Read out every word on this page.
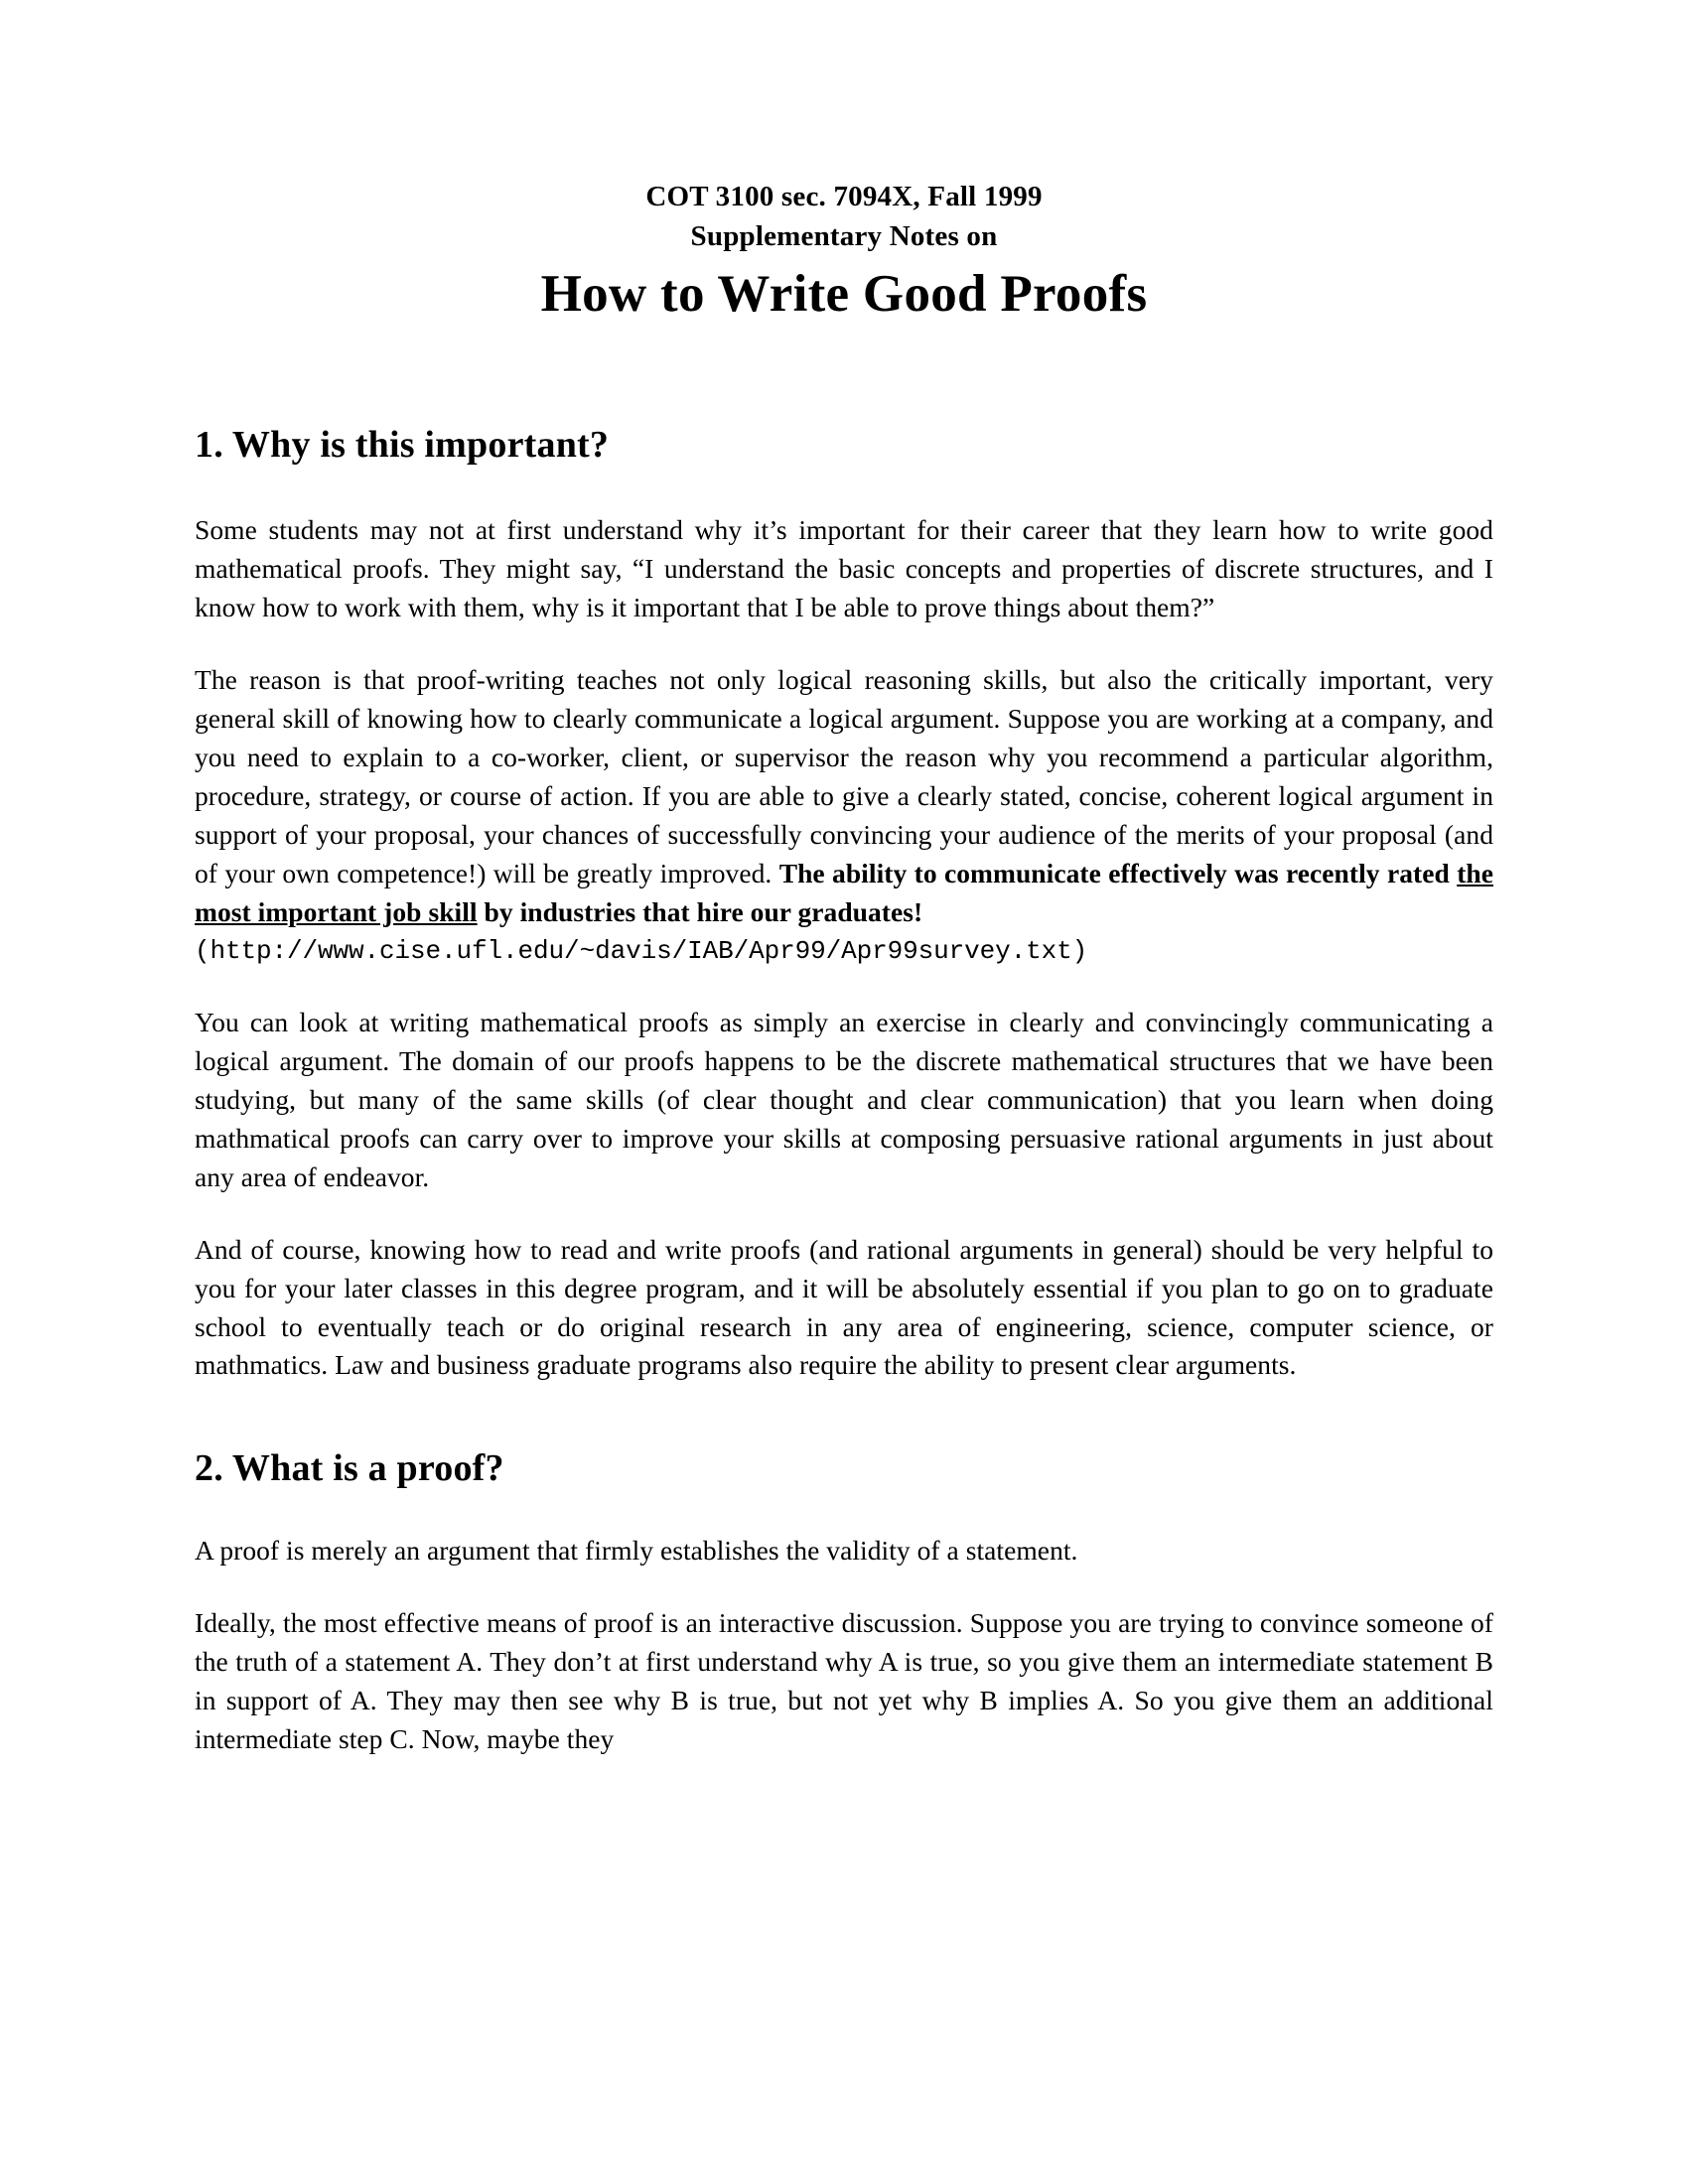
COT 3100 sec. 7094X, Fall 1999
Supplementary Notes on
How to Write Good Proofs
1. Why is this important?

Some students may not at first understand why it’s important for their career that they learn how to write good mathematical proofs. They might say, “I understand the basic concepts and properties of discrete structures, and I know how to work with them, why is it important that I be able to prove things about them?”

The reason is that proof-writing teaches not only logical reasoning skills, but also the critically important, very general skill of knowing how to clearly communicate a logical argument. Suppose you are working at a company, and you need to explain to a co-worker, client, or supervisor the reason why you recommend a particular algorithm, procedure, strategy, or course of action. If you are able to give a clearly stated, concise, coherent logical argument in support of your proposal, your chances of successfully convincing your audience of the merits of your proposal (and of your own competence!) will be greatly improved. The ability to communicate effectively was recently rated the most important job skill by industries that hire our graduates!
(http://www.cise.ufl.edu/~davis/IAB/Apr99/Apr99survey.txt)

You can look at writing mathematical proofs as simply an exercise in clearly and convincingly communicating a logical argument. The domain of our proofs happens to be the discrete mathematical structures that we have been studying, but many of the same skills (of clear thought and clear communication) that you learn when doing mathmatical proofs can carry over to improve your skills at composing persuasive rational arguments in just about any area of endeavor.

And of course, knowing how to read and write proofs (and rational arguments in general) should be very helpful to you for your later classes in this degree program, and it will be absolutely essential if you plan to go on to graduate school to eventually teach or do original research in any area of engineering, science, computer science, or mathmatics. Law and business graduate programs also require the ability to present clear arguments.

2. What is a proof?

A proof is merely an argument that firmly establishes the validity of a statement.

Ideally, the most effective means of proof is an interactive discussion. Suppose you are trying to convince someone of the truth of a statement A. They don’t at first understand why A is true, so you give them an intermediate statement B in support of A. They may then see why B is true, but not yet why B implies A. So you give them an additional intermediate step C. Now, maybe they
